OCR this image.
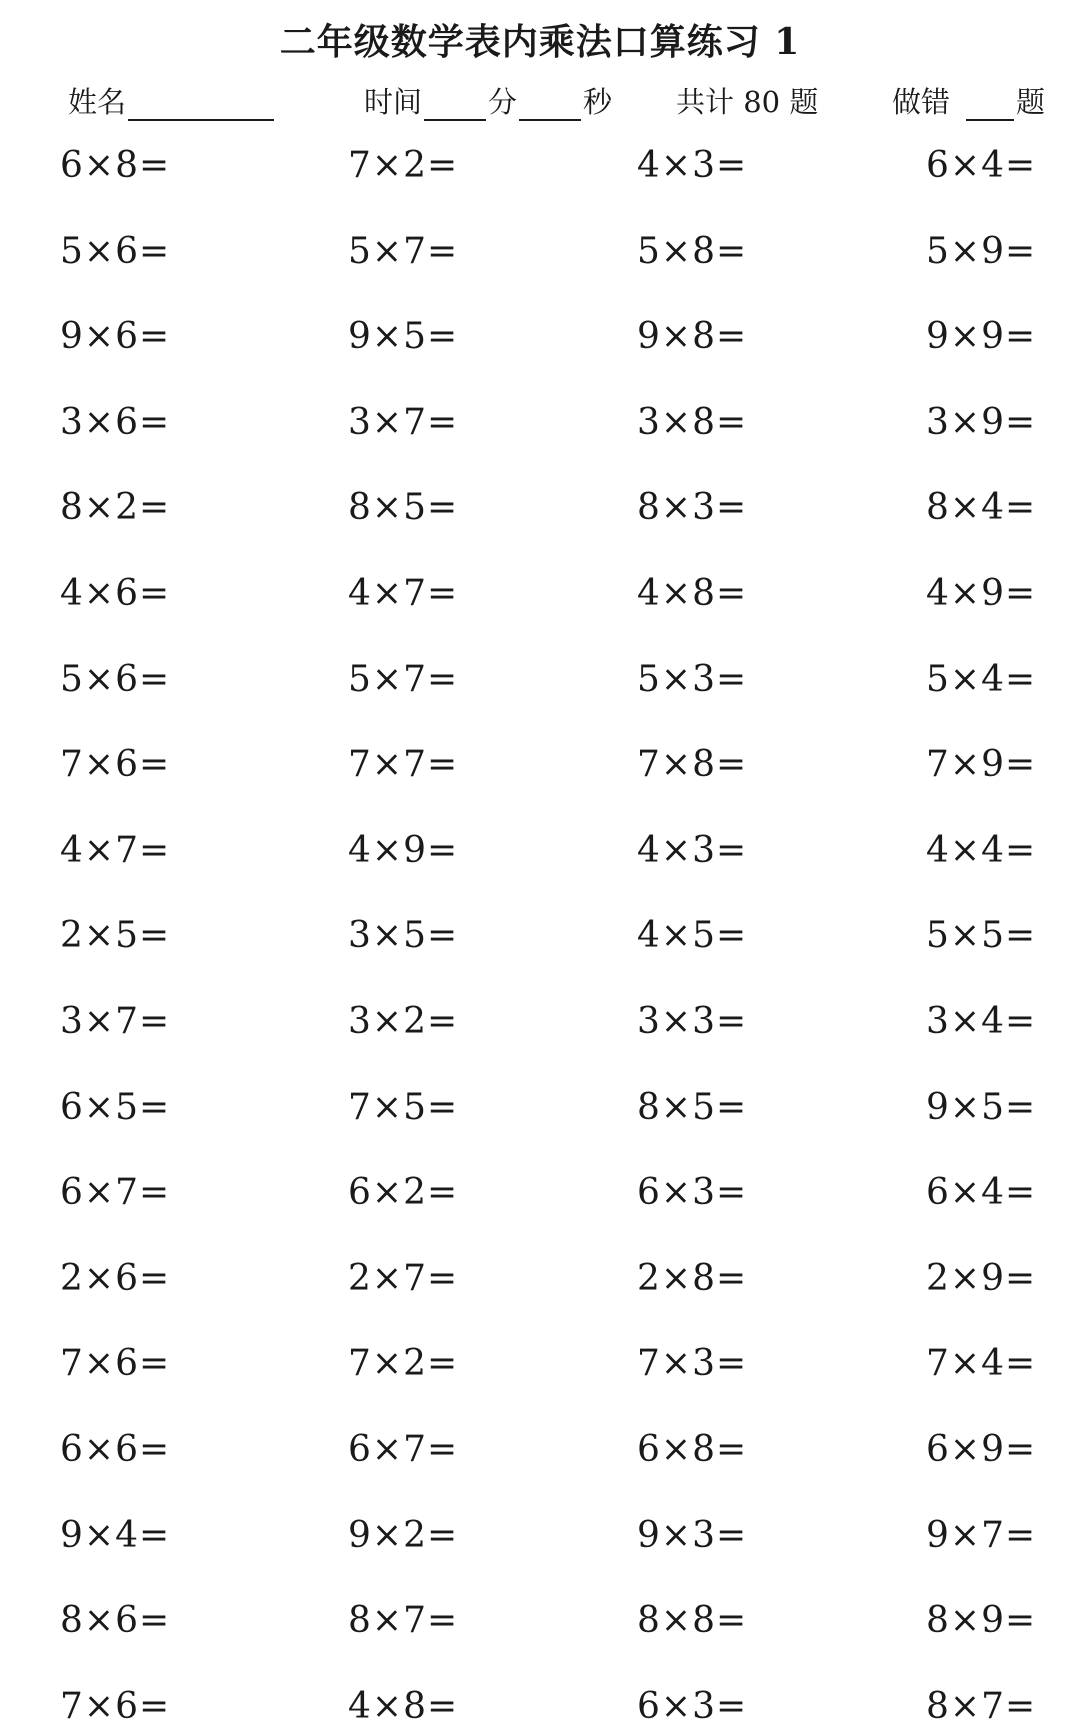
二年级数学表内乘法口算练习 1
姓名	时间 分 秒 共计 80 题	做错 题
6×8=	7×2=	4×3=	6×4=
5×6=	5×7=	5×8=	5×9=
9×6=	9×5=	9×8=	9×9=
3×6=	3×7=	3×8=	3×9=
8×2=	8×5=	8×3=	8×4=
4×6=	4×7=	4×8=	4×9=
5×6=	5×7=	5×3=	5×4=
7×6=	7×7=	7×8=	7×9=
4×7=	4×9=	4×3=	4×4=
2×5=	3×5=	4×5=	5×5=
3×7=	3×2=	3×3=	3×4=
6×5=	7×5=	8×5=	9×5=
6×7=	6×2=	6×3=	6×4=
2×6=	2×7=	2×8=	2×9=
7×6=	7×2=	7×3=	7×4=
6×6=	6×7=	6×8=	6×9=
9×4=	9×2=	9×3=	9×7=
8×6=	8×7=	8×8=	8×9=
7×6=	4×8=	6×3=	8×7=
